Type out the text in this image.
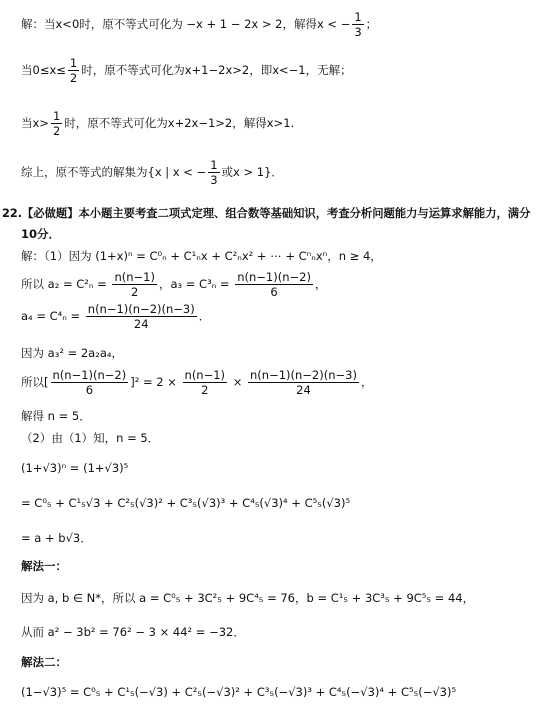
解：当x<0时，原不等式可化为 −x + 1 − 2x > 2，解得x < − $\frac{1}{3}$ ；
当$0\le x\le \frac{1}{2}$ 时，原不等式可化为x+1−2x>2，即x<−1，无解；
当$x> \frac{1}{2}$ 时，原不等式可化为x+2x−1>2，解得x>1.
综上，原不等式的解集为{x | x < − $\frac{1}{3}$ 或x > 1}．
22.【必做题】本小题主要考查二项式定理、组合数等基础知识，考查分析问题能力与运算求解能力，满分
10分．
解：（1）因为 (1+x)ⁿ = C⁰ₙ + C¹ₙx + C²ₙx² + ⋯ + Cⁿₙxⁿ，n ≥ 4，
所以 $a_2 = C^2_n = \frac{n(n-1)}{2}$ ，$a_3 = C^3_n = \frac{n(n-1)(n-2)}{6}$ ，
$a_4 = C^4_n = \frac{n(n-1)(n-2)(n-3)}{24}$ ．
因为 a₃² = 2a₂a₄，
所以[ $\frac{n(n-1)(n-2)}{6} ]^2 = 2 \times \frac{n(n-1)}{2} \times \frac{n(n-1)(n-2)(n-3)}{24}$ ，
解得 n = 5．
（2）由（1）知，n = 5．
(1+√3)ⁿ = (1+√3)⁵
= C⁰₅ + C¹₅√3 + C²₅(√3)² + C³₅(√3)³ + C⁴₅(√3)⁴ + C⁵₅(√3)⁵
= a + b√3．
解法一：
因为 a, b ∈ N*，所以 a = C⁰₅ + 3C²₅ + 9C⁴₅ = 76，b = C¹₅ + 3C³₅ + 9C⁵₅ = 44，
从而 a² − 3b² = 76² − 3 × 44² = −32．
解法二：
(1−√3)⁵ = C⁰₅ + C¹₅(−√3) + C²₅(−√3)² + C³₅(−√3)³ + C⁴₅(−√3)⁴ + C⁵₅(−√3)⁵
